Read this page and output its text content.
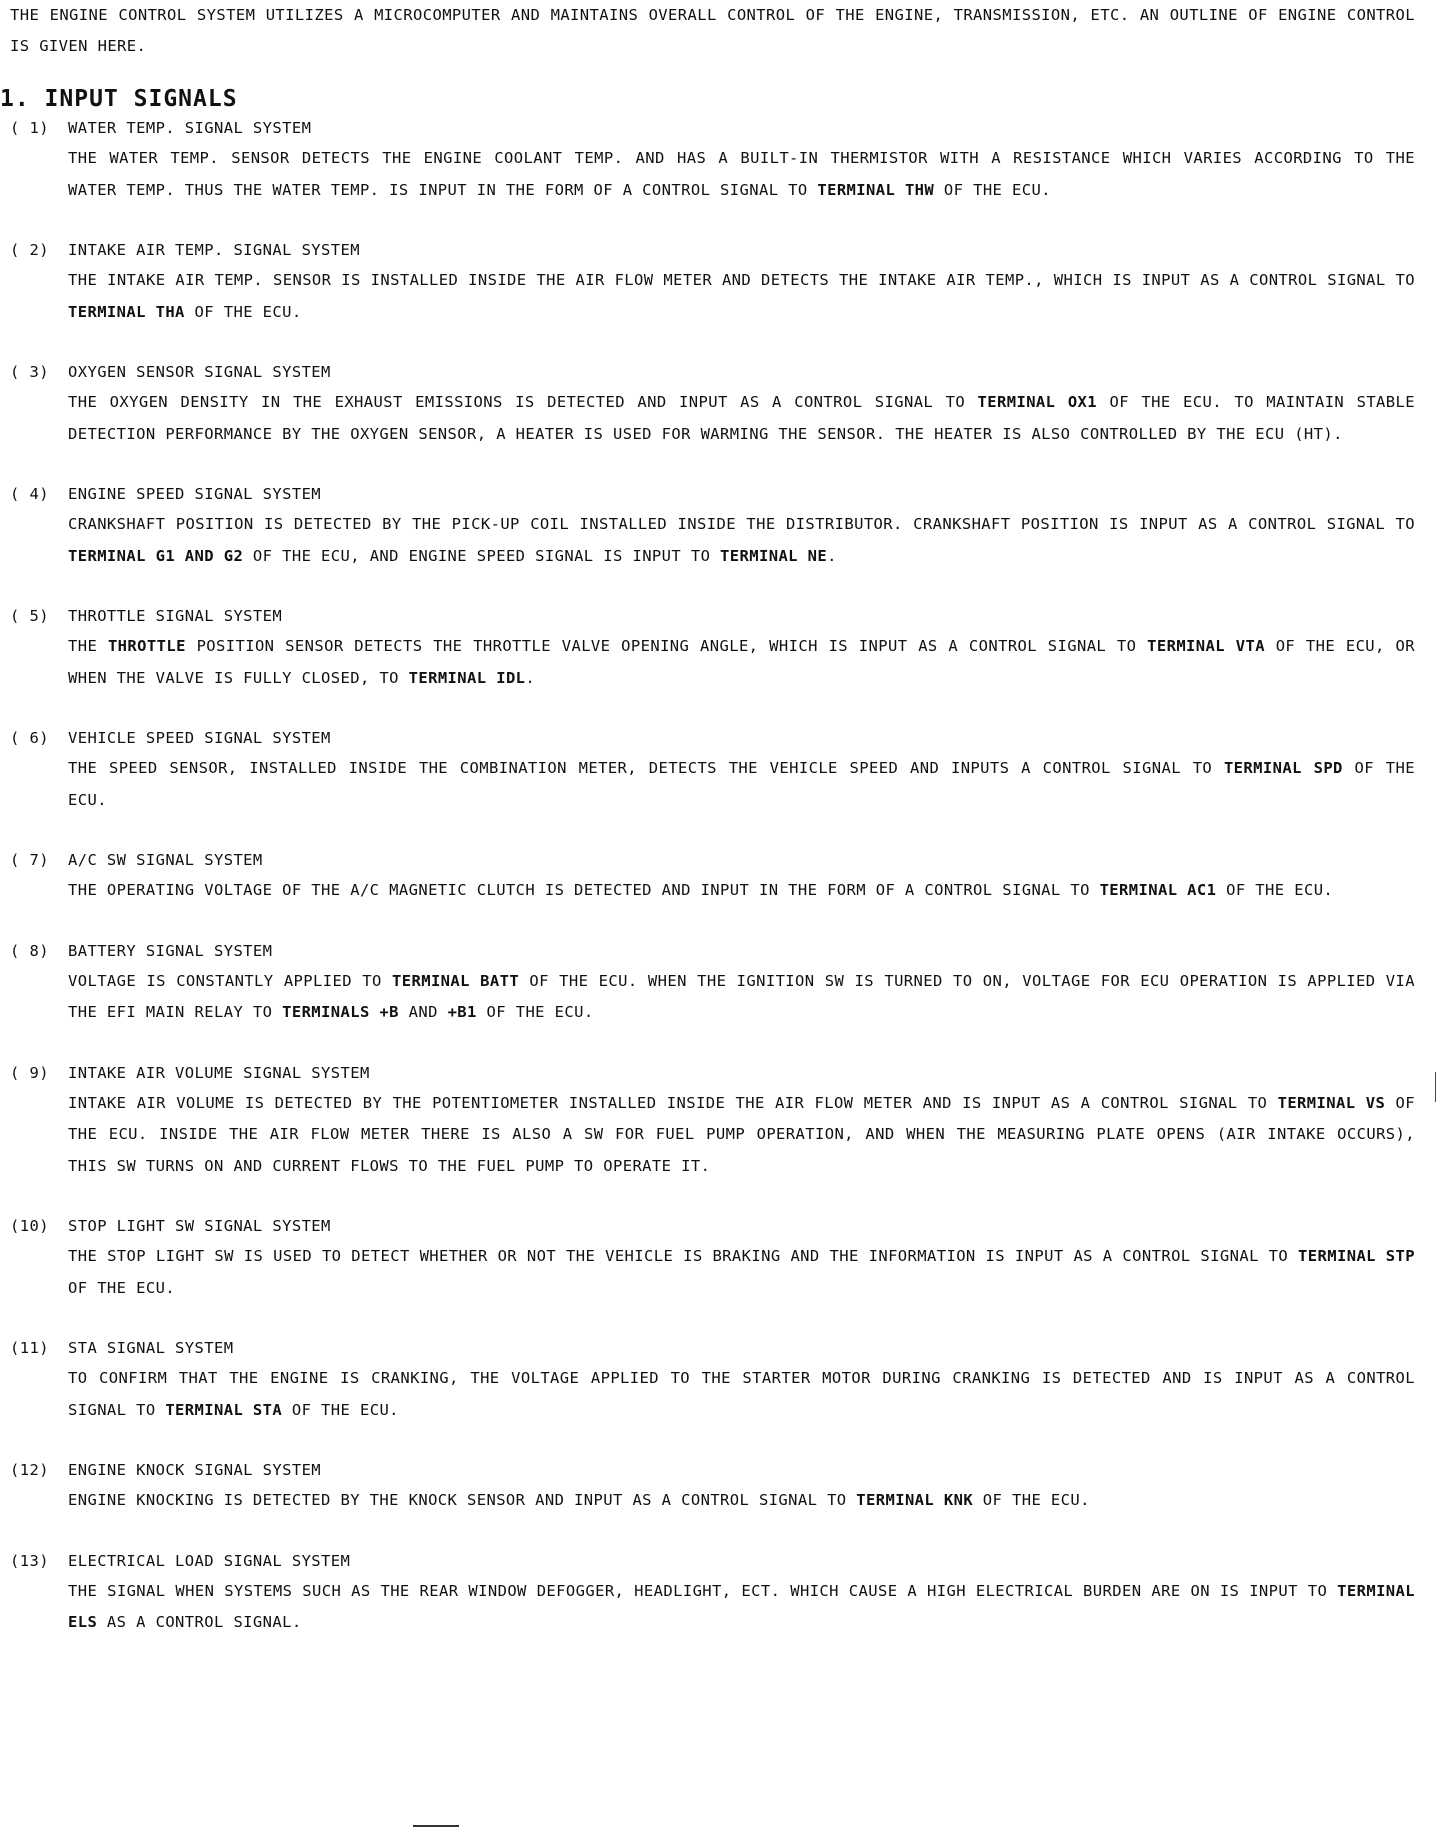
THE ENGINE CONTROL SYSTEM UTILIZES A MICROCOMPUTER AND MAINTAINS OVERALL CONTROL OF THE ENGINE, TRANSMISSION, ETC. AN OUTLINE OF ENGINE CONTROL IS GIVEN HERE.

1. INPUT SIGNALS
( 1)	WATER TEMP. SIGNAL SYSTEM

THE WATER TEMP. SENSOR DETECTS THE ENGINE COOLANT TEMP. AND HAS A BUILT-IN THERMISTOR WITH A RESISTANCE WHICH VARIES ACCORDING TO THE WATER TEMP. THUS THE WATER TEMP. IS INPUT IN THE FORM OF A CONTROL SIGNAL TO TERMINAL THW OF THE ECU.

( 2)	INTAKE AIR TEMP. SIGNAL SYSTEM

THE INTAKE AIR TEMP. SENSOR IS INSTALLED INSIDE THE AIR FLOW METER AND DETECTS THE INTAKE AIR TEMP., WHICH IS INPUT AS A CONTROL SIGNAL TO TERMINAL THA OF THE ECU.

( 3)	OXYGEN SENSOR SIGNAL SYSTEM

THE OXYGEN DENSITY IN THE EXHAUST EMISSIONS IS DETECTED AND INPUT AS A CONTROL SIGNAL TO TERMINAL OX1 OF THE ECU. TO MAINTAIN STABLE DETECTION PERFORMANCE BY THE OXYGEN SENSOR, A HEATER IS USED FOR WARMING THE SENSOR. THE HEATER IS ALSO CONTROLLED BY THE ECU (HT).

( 4)	ENGINE SPEED SIGNAL SYSTEM

CRANKSHAFT POSITION IS DETECTED BY THE PICK-UP COIL INSTALLED INSIDE THE DISTRIBUTOR. CRANKSHAFT POSITION IS INPUT AS A CONTROL SIGNAL TO TERMINAL G1 AND G2 OF THE ECU, AND ENGINE SPEED SIGNAL IS INPUT TO TERMINAL NE.

( 5)	THROTTLE SIGNAL SYSTEM

THE THROTTLE POSITION SENSOR DETECTS THE THROTTLE VALVE OPENING ANGLE, WHICH IS INPUT AS A CONTROL SIGNAL TO TERMINAL VTA OF THE ECU, OR WHEN THE VALVE IS FULLY CLOSED, TO TERMINAL IDL.

( 6)	VEHICLE SPEED SIGNAL SYSTEM

THE SPEED SENSOR, INSTALLED INSIDE THE COMBINATION METER, DETECTS THE VEHICLE SPEED AND INPUTS A CONTROL SIGNAL TO TERMINAL SPD OF THE ECU.

( 7)	A/C SW SIGNAL SYSTEM

THE OPERATING VOLTAGE OF THE A/C MAGNETIC CLUTCH IS DETECTED AND INPUT IN THE FORM OF A CONTROL SIGNAL TO TERMINAL AC1 OF THE ECU.

( 8)	BATTERY SIGNAL SYSTEM

VOLTAGE IS CONSTANTLY APPLIED TO TERMINAL BATT OF THE ECU. WHEN THE IGNITION SW IS TURNED TO ON, VOLTAGE FOR ECU OPERATION IS APPLIED VIA THE EFI MAIN RELAY TO TERMINALS +B AND +B1 OF THE ECU.

( 9)	INTAKE AIR VOLUME SIGNAL SYSTEM

INTAKE AIR VOLUME IS DETECTED BY THE POTENTIOMETER INSTALLED INSIDE THE AIR FLOW METER AND IS INPUT AS A CONTROL SIGNAL TO TERMINAL VS OF THE ECU. INSIDE THE AIR FLOW METER THERE IS ALSO A SW FOR FUEL PUMP OPERATION, AND WHEN THE MEASURING PLATE OPENS (AIR INTAKE OCCURS), THIS SW TURNS ON AND CURRENT FLOWS TO THE FUEL PUMP TO OPERATE IT.

(10)	STOP LIGHT SW SIGNAL SYSTEM

THE STOP LIGHT SW IS USED TO DETECT WHETHER OR NOT THE VEHICLE IS BRAKING AND THE INFORMATION IS INPUT AS A CONTROL SIGNAL TO TERMINAL STP OF THE ECU.

(11)	STA SIGNAL SYSTEM

TO CONFIRM THAT THE ENGINE IS CRANKING, THE VOLTAGE APPLIED TO THE STARTER MOTOR DURING CRANKING IS DETECTED AND IS INPUT AS A CONTROL SIGNAL TO TERMINAL STA OF THE ECU.

(12)	ENGINE KNOCK SIGNAL SYSTEM

ENGINE KNOCKING IS DETECTED BY THE KNOCK SENSOR AND INPUT AS A CONTROL SIGNAL TO TERMINAL KNK OF THE ECU.

(13)	ELECTRICAL LOAD SIGNAL SYSTEM

THE SIGNAL WHEN SYSTEMS SUCH AS THE REAR WINDOW DEFOGGER, HEADLIGHT, ECT. WHICH CAUSE A HIGH ELECTRICAL BURDEN ARE ON IS INPUT TO TERMINAL ELS AS A CONTROL SIGNAL.
